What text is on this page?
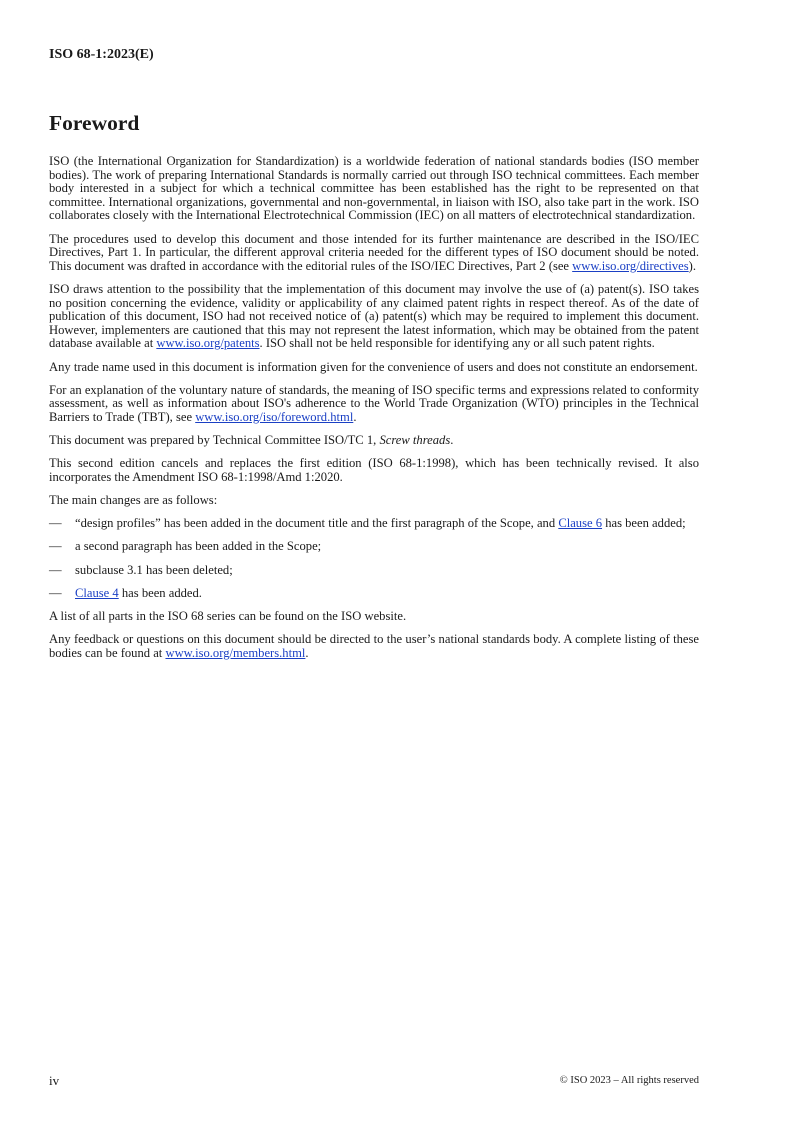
ISO 68-1:2023(E)
Foreword

ISO (the International Organization for Standardization) is a worldwide federation of national standards bodies (ISO member bodies). The work of preparing International Standards is normally carried out through ISO technical committees. Each member body interested in a subject for which a technical committee has been established has the right to be represented on that committee. International organizations, governmental and non-governmental, in liaison with ISO, also take part in the work. ISO collaborates closely with the International Electrotechnical Commission (IEC) on all matters of electrotechnical standardization.

The procedures used to develop this document and those intended for its further maintenance are described in the ISO/IEC Directives, Part 1. In particular, the different approval criteria needed for the different types of ISO document should be noted. This document was drafted in accordance with the editorial rules of the ISO/IEC Directives, Part 2 (see www.iso.org/directives).

ISO draws attention to the possibility that the implementation of this document may involve the use of (a) patent(s). ISO takes no position concerning the evidence, validity or applicability of any claimed patent rights in respect thereof. As of the date of publication of this document, ISO had not received notice of (a) patent(s) which may be required to implement this document. However, implementers are cautioned that this may not represent the latest information, which may be obtained from the patent database available at www.iso.org/patents. ISO shall not be held responsible for identifying any or all such patent rights.

Any trade name used in this document is information given for the convenience of users and does not constitute an endorsement.

For an explanation of the voluntary nature of standards, the meaning of ISO specific terms and expressions related to conformity assessment, as well as information about ISO's adherence to the World Trade Organization (WTO) principles in the Technical Barriers to Trade (TBT), see www.iso.org/iso/foreword.html.

This document was prepared by Technical Committee ISO/TC 1, Screw threads.

This second edition cancels and replaces the first edition (ISO 68-1:1998), which has been technically revised. It also incorporates the Amendment ISO 68-1:1998/Amd 1:2020.

The main changes are as follows:

— “design profiles” has been added in the document title and the first paragraph of the Scope, and Clause 6 has been added;
— a second paragraph has been added in the Scope;
— subclause 3.1 has been deleted;
— Clause 4 has been added.

A list of all parts in the ISO 68 series can be found on the ISO website.

Any feedback or questions on this document should be directed to the user’s national standards body. A complete listing of these bodies can be found at www.iso.org/members.html.

iv	© ISO 2023 – All rights reserved
